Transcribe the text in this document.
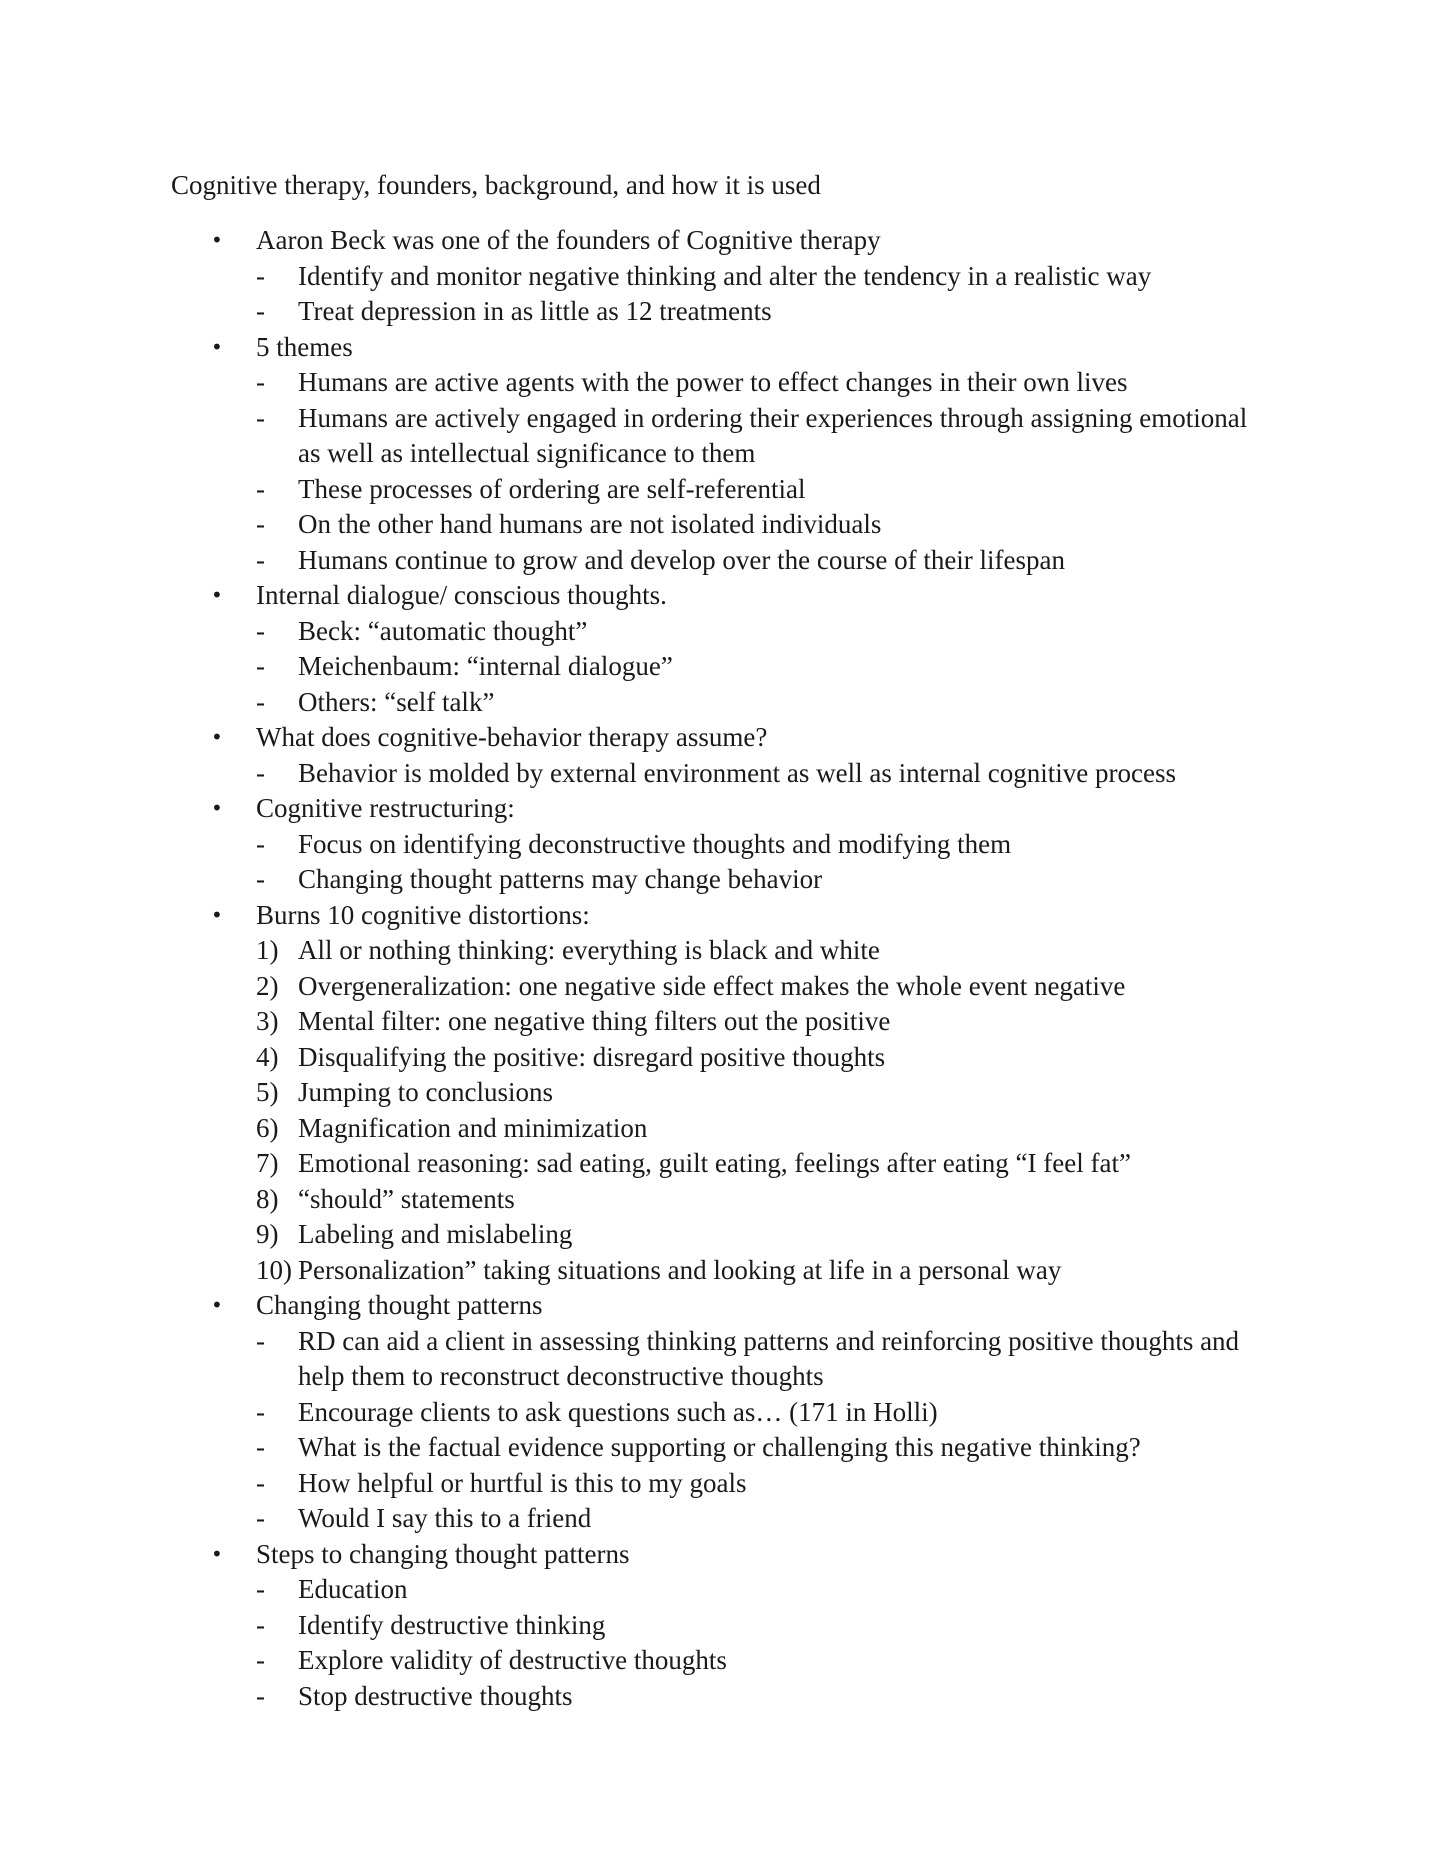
Cognitive therapy, founders, background, and how it is used
•	Aaron Beck was one of the founders of Cognitive therapy
- Identify and monitor negative thinking and alter the tendency in a realistic way
- Treat depression in as little as 12 treatments
•	5 themes
- Humans are active agents with the power to effect changes in their own lives
- Humans are actively engaged in ordering their experiences through assigning emotional as well as intellectual significance to them
- These processes of ordering are self-referential
- On the other hand humans are not isolated individuals
- Humans continue to grow and develop over the course of their lifespan
•	Internal dialogue/ conscious thoughts.
- Beck: “automatic thought”
- Meichenbaum: “internal dialogue”
- Others: “self talk”
•	What does cognitive-behavior therapy assume?
- Behavior is molded by external environment as well as internal cognitive process
•	Cognitive restructuring:
- Focus on identifying deconstructive thoughts and modifying them
- Changing thought patterns may change behavior
•	Burns 10 cognitive distortions:
1) All or nothing thinking: everything is black and white
2) Overgeneralization: one negative side effect makes the whole event negative
3) Mental filter: one negative thing filters out the positive
4) Disqualifying the positive: disregard positive thoughts
5) Jumping to conclusions
6) Magnification and minimization
7) Emotional reasoning: sad eating, guilt eating, feelings after eating “I feel fat”
8) “should” statements
9) Labeling and mislabeling
10) Personalization” taking situations and looking at life in a personal way
•	Changing thought patterns
- RD can aid a client in assessing thinking patterns and reinforcing positive thoughts and help them to reconstruct deconstructive thoughts
- Encourage clients to ask questions such as… (171 in Holli)
- What is the factual evidence supporting or challenging this negative thinking?
- How helpful or hurtful is this to my goals
- Would I say this to a friend
•	Steps to changing thought patterns
- Education
- Identify destructive thinking
- Explore validity of destructive thoughts
- Stop destructive thoughts
